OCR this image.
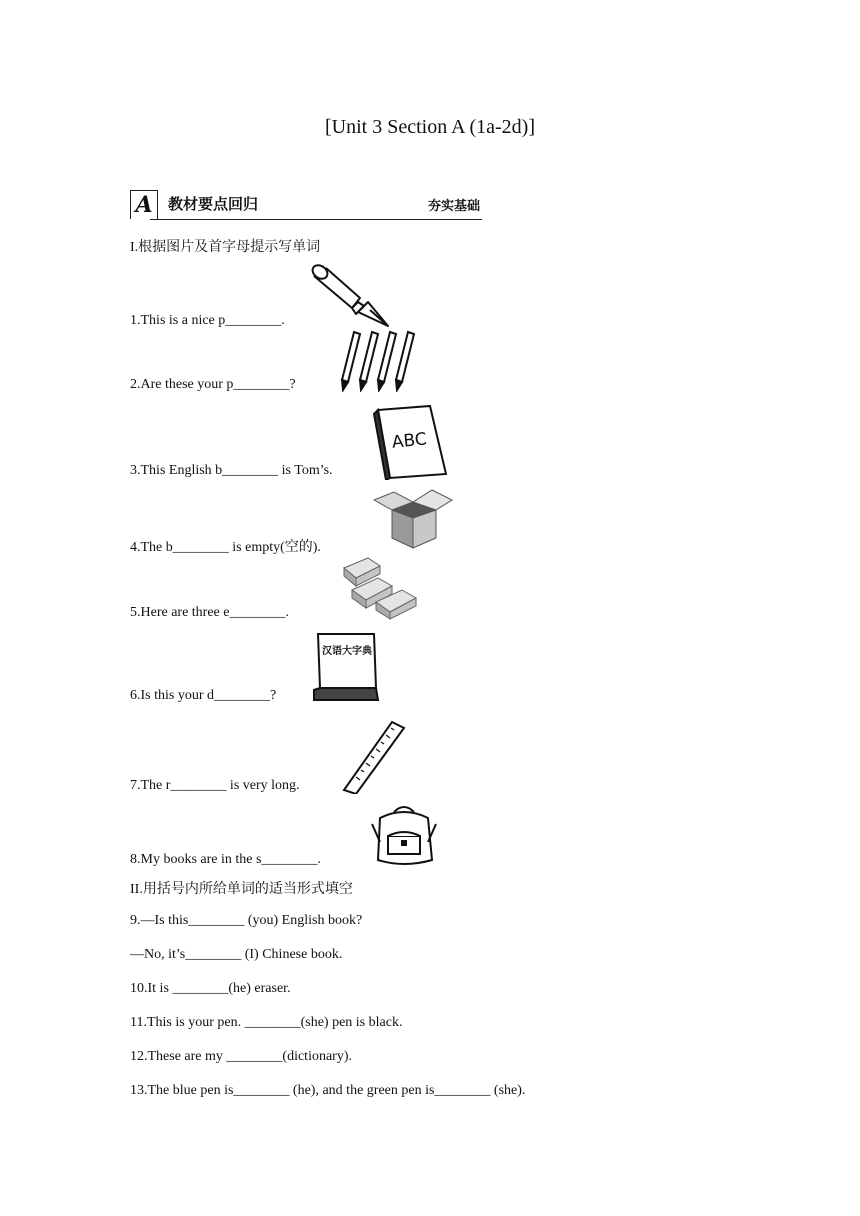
[Unit 3 Section A (1a-2d)]
A	教材要点回归	夯实基础
I.根据图片及首字母提示写单词
1.This is a nice p________.
2.Are these your p________?
3.This English b________ is Tom’s.
4.The b________ is empty(空的).
5.Here are three e________.
6.Is this your d________?
7.The r________ is very long.
8.My books are in the s________.
ABC
汉语大字典
II.用括号内所给单词的适当形式填空
9.—Is this________ (you) English book?
—No, it’s________ (I) Chinese book.
10.It is ________(he) eraser.
11.This is your pen. ________(she) pen is black.
12.These are my ________(dictionary).
13.The blue pen is________ (he), and the green pen is________ (she).
